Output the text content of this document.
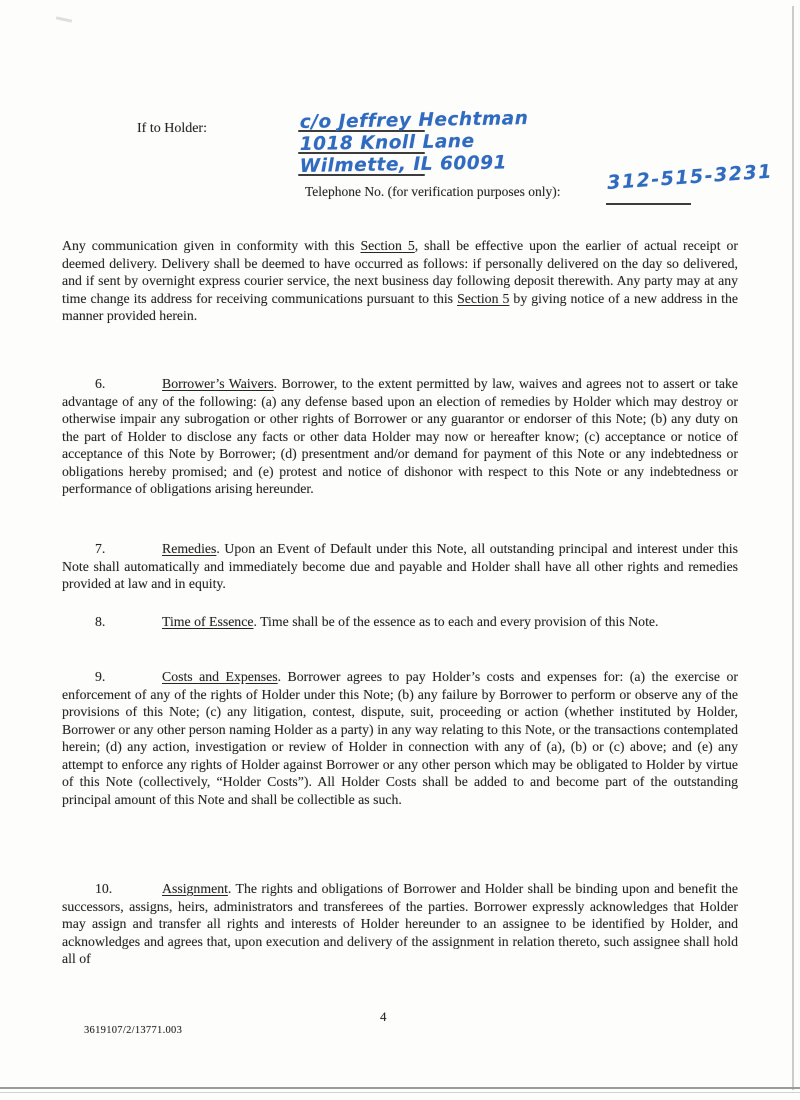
If to Holder:	c/o Jeffrey Hechtman
1018 Knoll Lane
Wilmette, IL 60091
Telephone No. (for verification purposes only): 312-515-3231

Any communication given in conformity with this Section 5, shall be effective upon the earlier of actual receipt or deemed delivery. Delivery shall be deemed to have occurred as follows: if personally delivered on the day so delivered, and if sent by overnight express courier service, the next business day following deposit therewith. Any party may at any time change its address for receiving communications pursuant to this Section 5 by giving notice of a new address in the manner provided herein.

6.	Borrower’s Waivers. Borrower, to the extent permitted by law, waives and agrees not to assert or take advantage of any of the following: (a) any defense based upon an election of remedies by Holder which may destroy or otherwise impair any subrogation or other rights of Borrower or any guarantor or endorser of this Note; (b) any duty on the part of Holder to disclose any facts or other data Holder may now or hereafter know; (c) acceptance or notice of acceptance of this Note by Borrower; (d) presentment and/or demand for payment of this Note or any indebtedness or obligations hereby promised; and (e) protest and notice of dishonor with respect to this Note or any indebtedness or performance of obligations arising hereunder.

7.	Remedies. Upon an Event of Default under this Note, all outstanding principal and interest under this Note shall automatically and immediately become due and payable and Holder shall have all other rights and remedies provided at law and in equity.

8.	Time of Essence. Time shall be of the essence as to each and every provision of this Note.

9.	Costs and Expenses. Borrower agrees to pay Holder’s costs and expenses for: (a) the exercise or enforcement of any of the rights of Holder under this Note; (b) any failure by Borrower to perform or observe any of the provisions of this Note; (c) any litigation, contest, dispute, suit, proceeding or action (whether instituted by Holder, Borrower or any other person naming Holder as a party) in any way relating to this Note, or the transactions contemplated herein; (d) any action, investigation or review of Holder in connection with any of (a), (b) or (c) above; and (e) any attempt to enforce any rights of Holder against Borrower or any other person which may be obligated to Holder by virtue of this Note (collectively, “Holder Costs”). All Holder Costs shall be added to and become part of the outstanding principal amount of this Note and shall be collectible as such.

10.	Assignment. The rights and obligations of Borrower and Holder shall be binding upon and benefit the successors, assigns, heirs, administrators and transferees of the parties. Borrower expressly acknowledges that Holder may assign and transfer all rights and interests of Holder hereunder to an assignee to be identified by Holder, and acknowledges and agrees that, upon execution and delivery of the assignment in relation thereto, such assignee shall hold all of

3619107/2/13771.003
4
